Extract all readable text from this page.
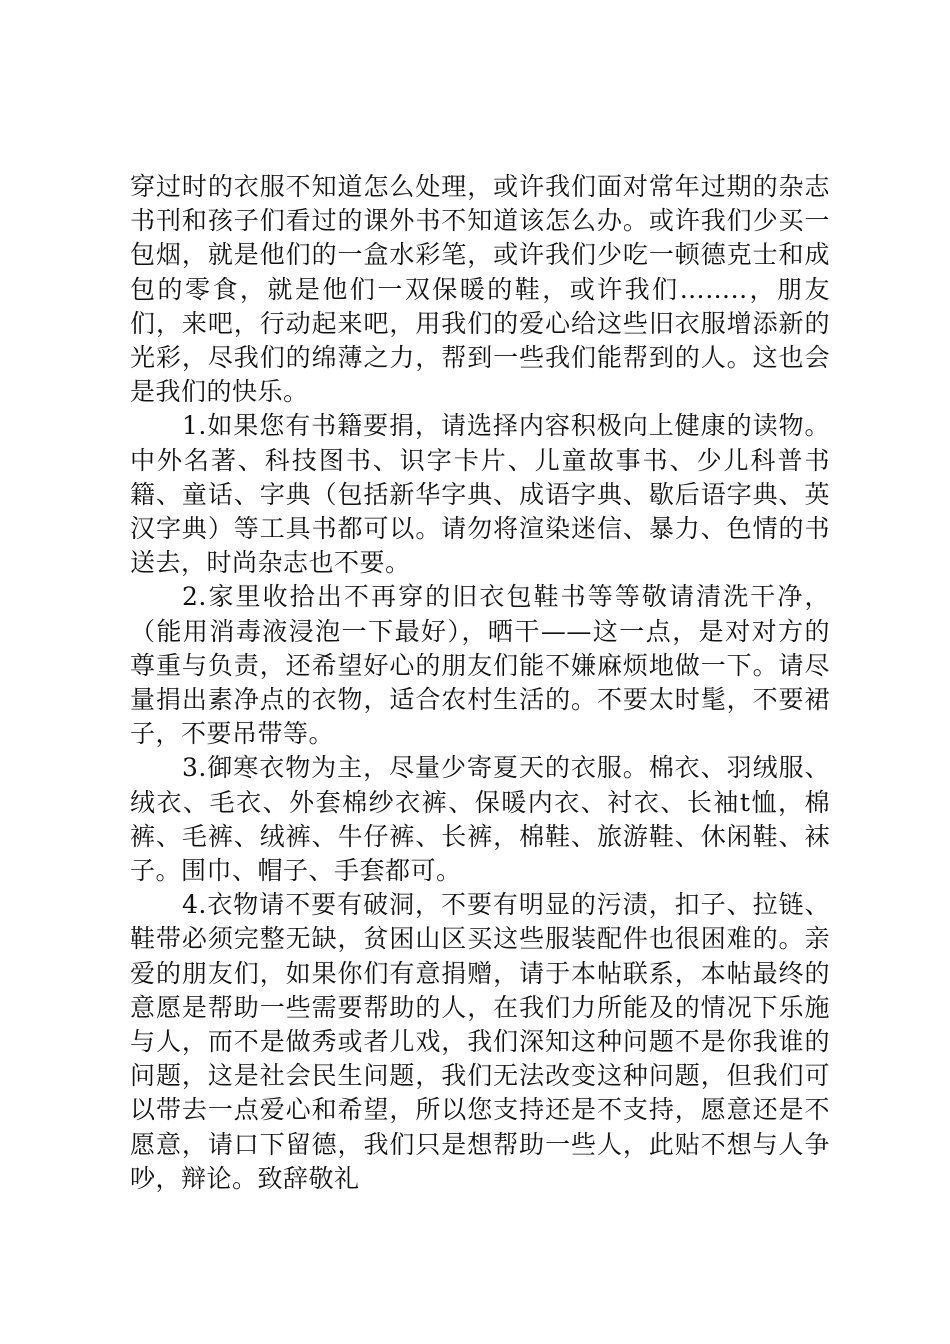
穿过时的衣服不知道怎么处理，或许我们面对常年过期的杂志书刊和孩子们看过的课外书不知道该怎么办。或许我们少买一包烟，就是他们的一盒水彩笔，或许我们少吃一顿德克士和成包的零食，就是他们一双保暖的鞋，或许我们……..，朋友们，来吧，行动起来吧，用我们的爱心给这些旧衣服增添新的光彩，尽我们的绵薄之力，帮到一些我们能帮到的人。这也会是我们的快乐。

1.如果您有书籍要捐，请选择内容积极向上健康的读物。中外名著、科技图书、识字卡片、儿童故事书、少儿科普书籍、童话、字典（包括新华字典、成语字典、歇后语字典、英汉字典）等工具书都可以。请勿将渲染迷信、暴力、色情的书送去，时尚杂志也不要。

2.家里收拾出不再穿的旧衣包鞋书等等敬请清洗干净，（能用消毒液浸泡一下最好），晒干——这一点，是对对方的尊重与负责，还希望好心的朋友们能不嫌麻烦地做一下。请尽量捐出素净点的衣物，适合农村生活的。不要太时髦，不要裙子，不要吊带等。

3.御寒衣物为主，尽量少寄夏天的衣服。棉衣、羽绒服、绒衣、毛衣、外套棉纱衣裤、保暖内衣、衬衣、长袖t恤，棉裤、毛裤、绒裤、牛仔裤、长裤，棉鞋、旅游鞋、休闲鞋、袜子。围巾、帽子、手套都可。

4.衣物请不要有破洞，不要有明显的污渍，扣子、拉链、鞋带必须完整无缺，贫困山区买这些服装配件也很困难的。亲爱的朋友们，如果你们有意捐赠，请于本帖联系，本帖最终的意愿是帮助一些需要帮助的人，在我们力所能及的情况下乐施与人，而不是做秀或者儿戏，我们深知这种问题不是你我谁的问题，这是社会民生问题，我们无法改变这种问题，但我们可以带去一点爱心和希望，所以您支持还是不支持，愿意还是不愿意，请口下留德，我们只是想帮助一些人，此贴不想与人争吵，辩论。致辞敬礼
